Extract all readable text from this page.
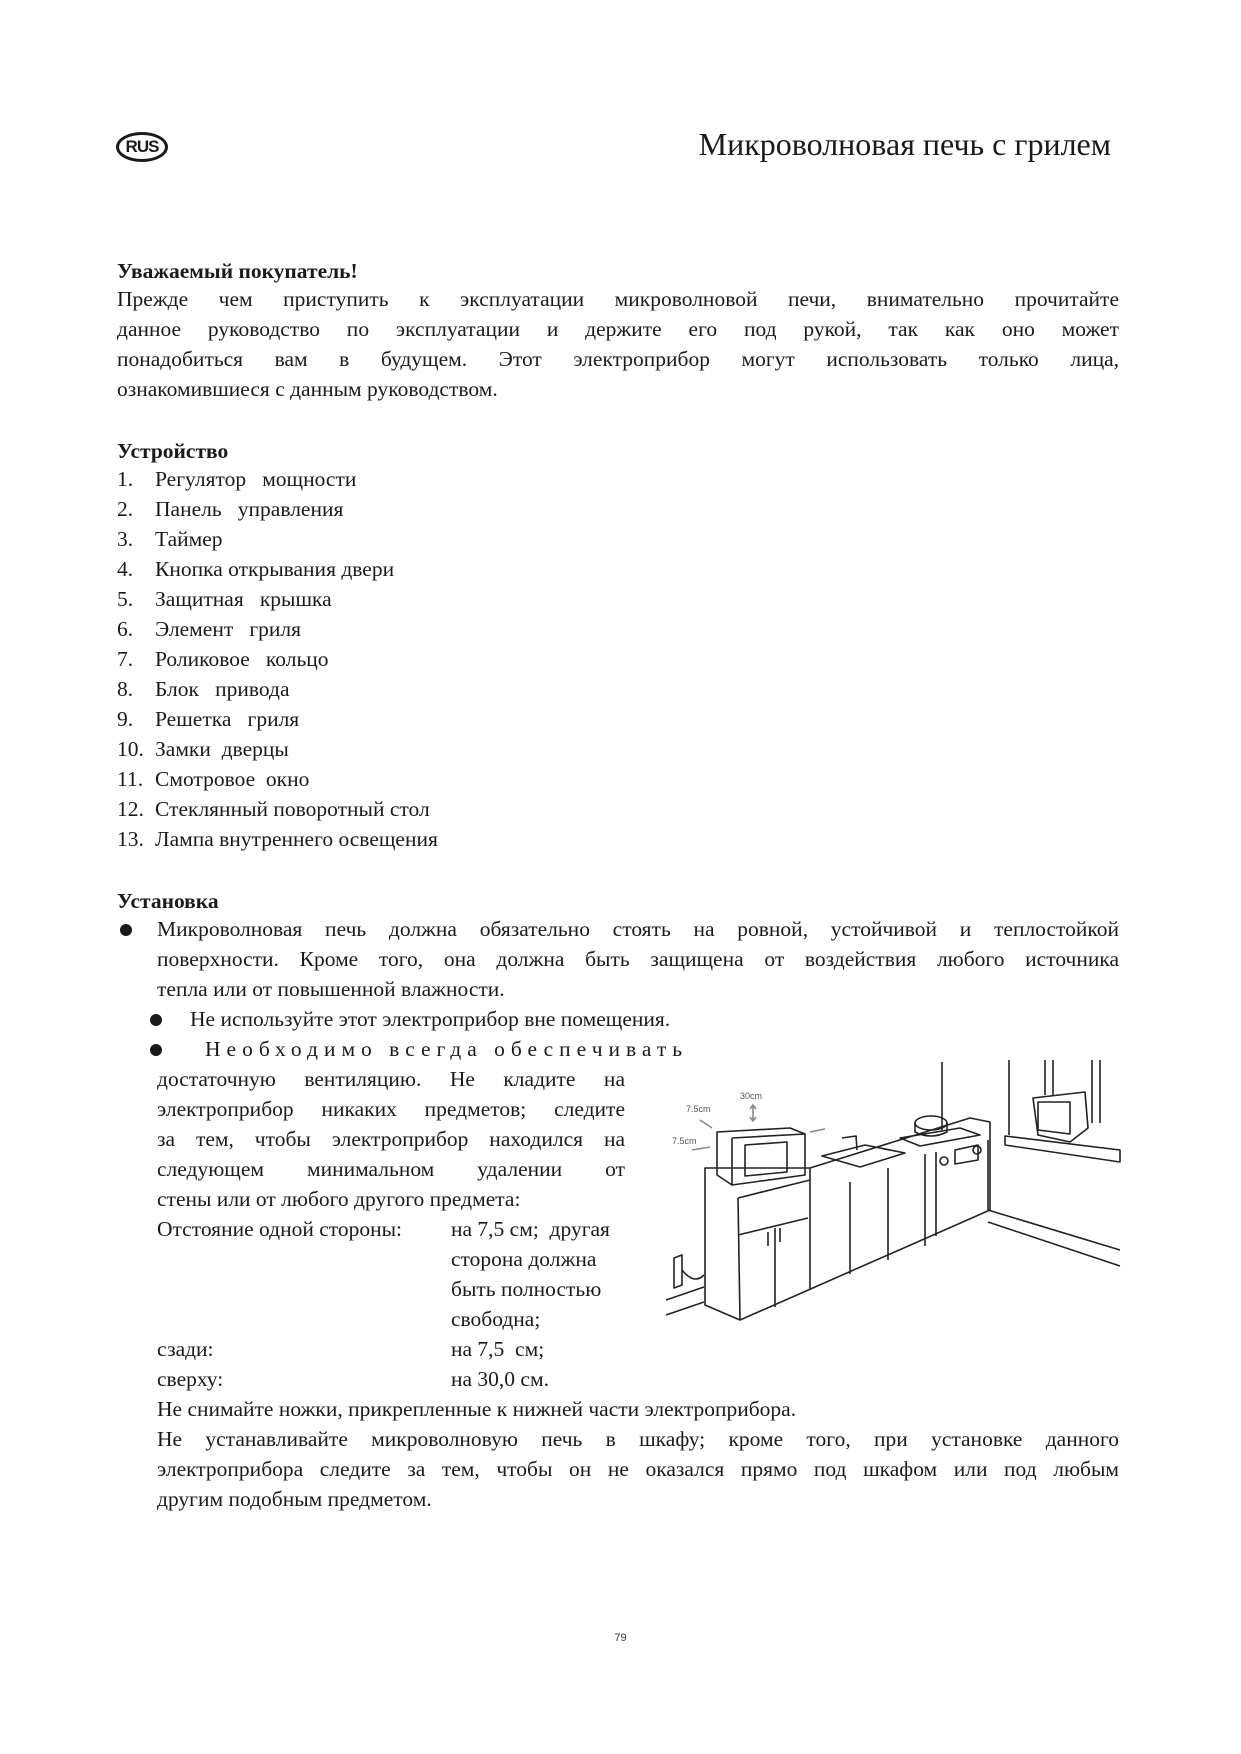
RUS	Микроволновая печь с грилем
Уважаемый покупатель!
Прежде чем приступить к эксплуатации микроволновой печи, внимательно прочитайте
данное руководство по эксплуатации и держите его под рукой, так как оно может
понадобиться вам в будущем. Этот электроприбор могут использовать только лица,
ознакомившиеся с данным руководством.
Устройство
1. Регулятор   мощности
2. Панель   управления
3. Таймер
4. Кнопка открывания двери
5. Защитная   крышка
6. Элемент   гриля
7. Роликовое   кольцо
8. Блок   привода
9. Решетка   гриля
10. Замки  дверцы
11. Смотровое  окно
12. Стеклянный поворотный стол
13. Лампа внутреннего освещения
Установка
Микроволновая печь должна обязательно стоять на ровной, устойчивой и теплостойкой
поверхности. Кроме того, она должна быть защищена от воздействия любого источника
тепла или от повышенной влажности.
Не используйте этот электроприбор вне помещения.
Необходимо всегда обеспечивать
достаточную вентиляцию. Не кладите на
электроприбор никаких предметов; следите
за тем, чтобы электроприбор находился на
следующем минимальном удалении от
стены или от любого другого предмета:
Отстояние одной стороны: на 7,5 см;  другая
сторона должна
быть полностью
свободна;
сзади:	на 7,5  см;
сверху:	на 30,0 см.
Не снимайте ножки, прикрепленные к нижней части электроприбора.
Не устанавливайте микроволновую печь в шкафу; кроме того, при установке данного
электроприбора следите за тем, чтобы он не оказался прямо под шкафом или под любым
другим подобным предметом.
30cm
7.5cm
7.5cm
79
